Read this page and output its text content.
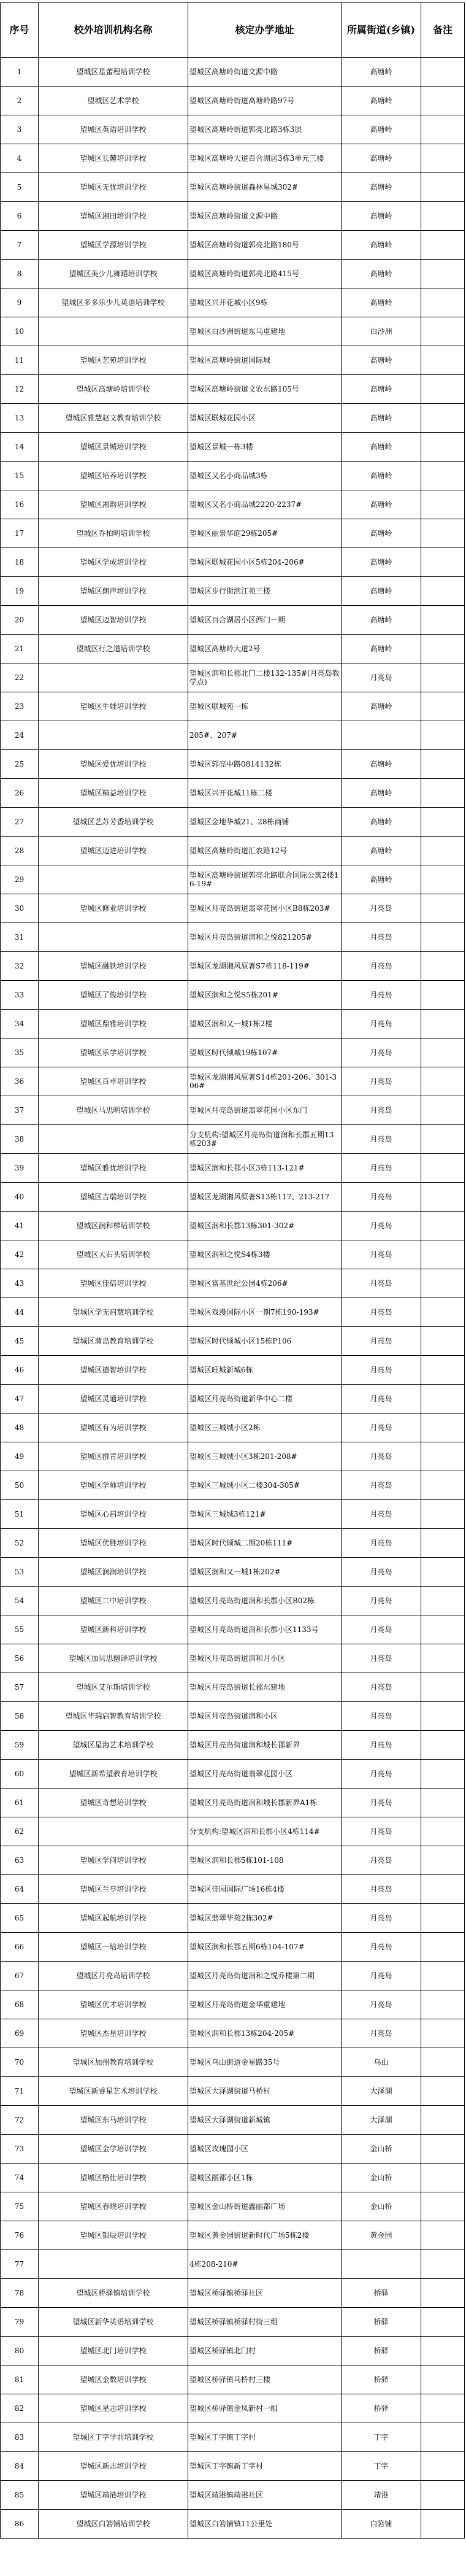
序号	校外培训机构名称	核定办学地址	所属街道(乡镇)	备注
1	望城区星蕾程培训学校	望城区高塘岭街道文源中路	高塘岭	
2	望城区艺术学校	望城区高塘岭街道高塘岭路97号	高塘岭	
3	望城区英语培训学校	望城区高塘岭街道郭亮北路3栋3层	高塘岭	
4	望城区长麓培训学校	望城区高塘岭大道百合湖居3栋3单元三楼	高塘岭	
5	望城区无忧培训学校	望城区高塘岭街道森林星城302#	高塘岭	
6	望城区湘田培训学校	望城区高塘岭街道文源中路	高塘岭	
7	望城区学源培训学校	望城区高塘岭街道郭亮北路180号	高塘岭	
8	望城区美少儿舞蹈培训学校	望城区高塘岭街道郭亮北路415号	高塘岭	
9	望城区多多乐少儿英语培训学校	望城区兴开花城小区9栋	高塘岭	
10		望城区白沙洲街道东马重建地	白沙洲	
11	望城区艺苑培训学校	望城区高塘岭街道国际城	高塘岭	
12	望城区高塘岭培训学校	望城区高塘岭街道文农东路105号	高塘岭	
13	望城区雅慧赵文教育培训学校	望城区联城花园小区	高塘岭	
14	望城区景城培训学校	望城区景城一栋3楼	高塘岭	
15	望城区培养培训学校	望城区又名小商品城3栋	高塘岭	
16	望城区湘韵培训学校	望城区又名小商品城2220-2237#	高塘岭	
17	望城区乔柏明培训学校	望城区丽景华庭29栋205#	高塘岭	
18	望城区学成培训学校	望城区联城花园小区5栋204-206#	高塘岭	
19	望城区朗声培训学校	望城区步行街滨江苑三楼	高塘岭	
20	望城区迈智培训学校	望城区百合湖居小区西门一期	高塘岭	
21	望城区行之道培训学校	望城区高塘岭大道2号	高塘岭	
22		望城区润和长郡北门二楼132-135#(月亮岛教学点)	月亮岛	
23	望城区牛娃培训学校	望城区联城苑一栋	高塘岭	
24		205#、207#		
25	望城区爱优培训学校	望城区郭亮中路0814132栋	高塘岭	
26	望城区精益培训学校	望城区兴开花城11栋二楼	高塘岭	
27	望城区艺苏芳香培训学校	望城区金地华城21、28栋商铺	高塘岭	
28	望城区迈进培训学校	望城区高塘岭街道汇农路12号	高塘岭	
29		望城区高塘岭街道郭亮北路联合国际公寓2楼16-19#	高塘岭	
30	望城区修业培训学校	望城区月亮岛街道翡翠花园小区B8栋203#	月亮岛	
31		望城区月亮岛街道润和之悦821205#	月亮岛	
32	望城区融铁培训学校	望城区龙湖湘风原著S7栋118-119#	月亮岛	
33	望城区了俊培训学校	望城区润和之悦S5栋201#	月亮岛	
34	望城区鼎雅培训学校	望城区润和又一城1栋2楼	月亮岛	
35	望城区乐学培训学校	望城区时代倾城19栋107#	月亮岛	
36	望城区百卓培训学校	望城区龙湖湘风原著S14栋201-206、301-306#	月亮岛	
37	望城区马思明培训学校	望城区月亮岛街道翡翠花园小区东门	月亮岛	
38		分支机构:望城区月亮岛街道润和长郡五期13栋203#	月亮岛	
39	望城区雅优培训学校	望城区润和长郡小区3栋113-121#	月亮岛	
40	望城区吉瑞培训学校	望城区龙湖湘风原著S13栋117、213-217	月亮岛	
41	望城区润和梯培训学校	望城区润和长郡13栋301-302#	月亮岛	
42	望城区大石头培训学校	望城区润和之悦S4栋3楼	月亮岛	
43	望城区佳倍培训学校	望城区富基世纪公园4栋206#	月亮岛	
44	望城区学无启慧培训学校	望城区戏漫国际小区一期7栋190-193#	月亮岛	
45	望城区蒲岛教育培训学校	望城区时代倾城小区15栋P106	月亮岛	
46	望城区德智培训学校	望城区旺城新城6栋	月亮岛	
47	望城区灵通培训学校	望城区月亮岛街道新华中心二楼	月亮岛	
48	望城区有为培训学校	望城区三城城小区2栋	月亮岛	
49	望城区群青培训学校	望城区三城城小区3栋201-208#	月亮岛	
50	望城区学师培训学校	望城区三城城小区二楼304-305#	月亮岛	
51	望城区心启培训学校	望城区三城城3栋121#	月亮岛	
52	望城区优胜培训学校	望城区时代倾城二期20栋111#	月亮岛	
53	望城区润润培训学校	望城区润和又一城1栋202#	月亮岛	
54	望城区二中培训学校	望城区月亮岛街道润和长郡小区B02栋	月亮岛	
55	望城区新科培训学校	望城区月亮岛街道润和长郡小区1133号	月亮岛	
56	望城区加贝思翻译培训学校	望城区月亮岛街道润和月小区	月亮岛	
57	望城区艾尔斯培训学校	望城区月亮岛街道长郡东建地	月亮岛	
58	望城区华瑞启智教育培训学校	望城区月亮岛街道润和小区	月亮岛	
59	望城区星海艺术培训学校	望城区月亮岛街道润和城长郡新界	月亮岛	
60	望城区新希望教育培训学校	望城区月亮岛街道翡翠花园小区	月亮岛	
61	望城区奇想培训学校	望城区月亮岛街道润和城长郡新界A1栋	月亮岛	
62		分支机构:望城区润和长郡小区4栋114#	月亮岛	
63	望城区学问培训学校	望城区润和长郡5栋101-108	月亮岛	
64	望城区兰亭培训学校	望城区佳园国际广场16栋4楼	月亮岛	
65	望城区起航培训学校	望城区翡翠华苑2栋302#	月亮岛	
66	望城区一培培训学校	望城区润和长郡五期6栋104-107#	月亮岛	
67	望城区月亮岛培训学校	望城区月亮岛街道润和之悦乔楼第二期	月亮岛	
68	望城区优才培训学校	望城区月亮岛街道金华重建地	月亮岛	
69	望城区杰星培训学校	望城区润和长郡13栋204-205#	月亮岛	
70	望城区加州教育培训学校	望城区乌山街道金星路35号	乌山	
71	望城区新睿星艺术培训学校	望城区大泽湖街道马桥村	大泽湖	
72	望城区东马培训学校	望城区大泽湖街道新城镇	大泽湖	
73	望城区金学培训学校	望城区玫瑰园小区	金山桥	
74	望城区格仕培训学校	望城区丽都小区1栋	金山桥	
75	望城区春晓培训学校	望城区金山桥街道鑫丽都广场	金山桥	
76	望城区银辰培训学校	望城区黄金园街道新时代广场5栋2楼	黄金园	
77		4栋208-210#		
78	望城区桥驿镇培训学校	望城区桥驿镇桥驿社区	桥驿	
79	望城区新华英语培训学校	望城区桥驿镇桥驿村街三组	桥驿	
80	望城区北门培训学校	望城区桥驿镇北门村	桥驿	
81	望城区金数培训学校	望城区桥驿镇马桥村三楼	桥驿	
82	望城区星志培训学校	望城区桥驿镇金凤新村一组	桥驿	
83	望城区丁字学前培训学校	望城区丁字镇丁字村	丁字	
84	望城区新志培训学校	望城区丁字镇新丁字村	丁字	
85	望城区靖港培训学校	望城区靖港镇靖港社区	靖港	
86	望城区白箬铺培训学校	望城区白箬铺镇11公里处	白箬铺	
